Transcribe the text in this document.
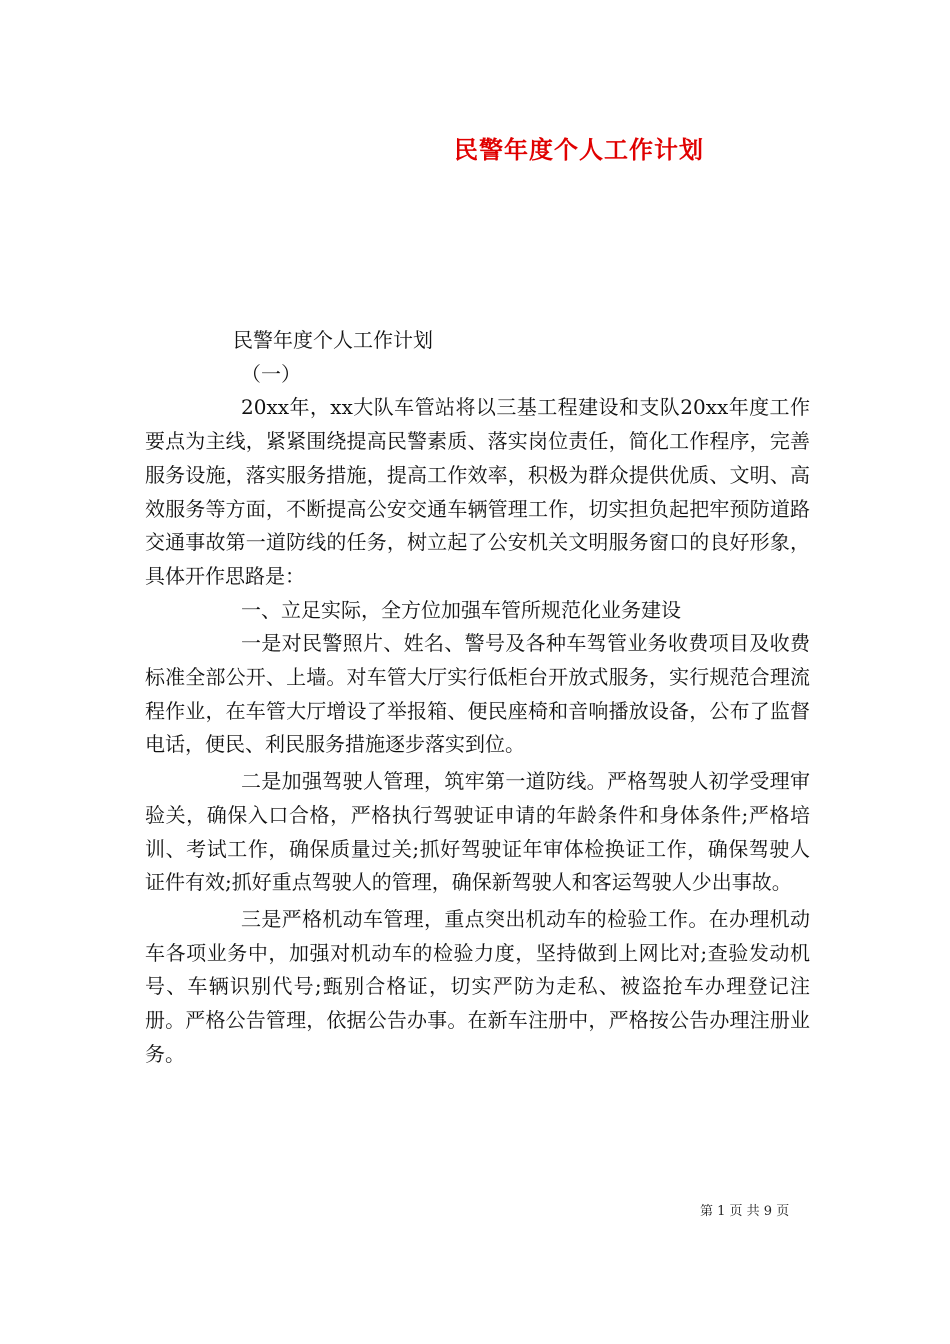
民警年度个人工作计划

民警年度个人工作计划

（一）

20xx年，xx大队车管站将以三基工程建设和支队20xx年度工作要点为主线，紧紧围绕提高民警素质、落实岗位责任，简化工作程序，完善服务设施，落实服务措施，提高工作效率，积极为群众提供优质、文明、高效服务等方面，不断提高公安交通车辆管理工作，切实担负起把牢预防道路交通事故第一道防线的任务，树立起了公安机关文明服务窗口的良好形象，具体开作思路是：

一、立足实际，全方位加强车管所规范化业务建设

一是对民警照片、姓名、警号及各种车驾管业务收费项目及收费标准全部公开、上墙。对车管大厅实行低柜台开放式服务，实行规范合理流程作业，在车管大厅增设了举报箱、便民座椅和音响播放设备，公布了监督电话，便民、利民服务措施逐步落实到位。

二是加强驾驶人管理，筑牢第一道防线。严格驾驶人初学受理审验关，确保入口合格，严格执行驾驶证申请的年龄条件和身体条件;严格培训、考试工作，确保质量过关;抓好驾驶证年审体检换证工作，确保驾驶人证件有效;抓好重点驾驶人的管理，确保新驾驶人和客运驾驶人少出事故。

三是严格机动车管理，重点突出机动车的检验工作。在办理机动车各项业务中，加强对机动车的检验力度，坚持做到上网比对;查验发动机号、车辆识别代号;甄别合格证，切实严防为走私、被盗抢车办理登记注册。严格公告管理，依据公告办事。在新车注册中，严格按公告办理注册业务。

第 1 页 共 9 页
